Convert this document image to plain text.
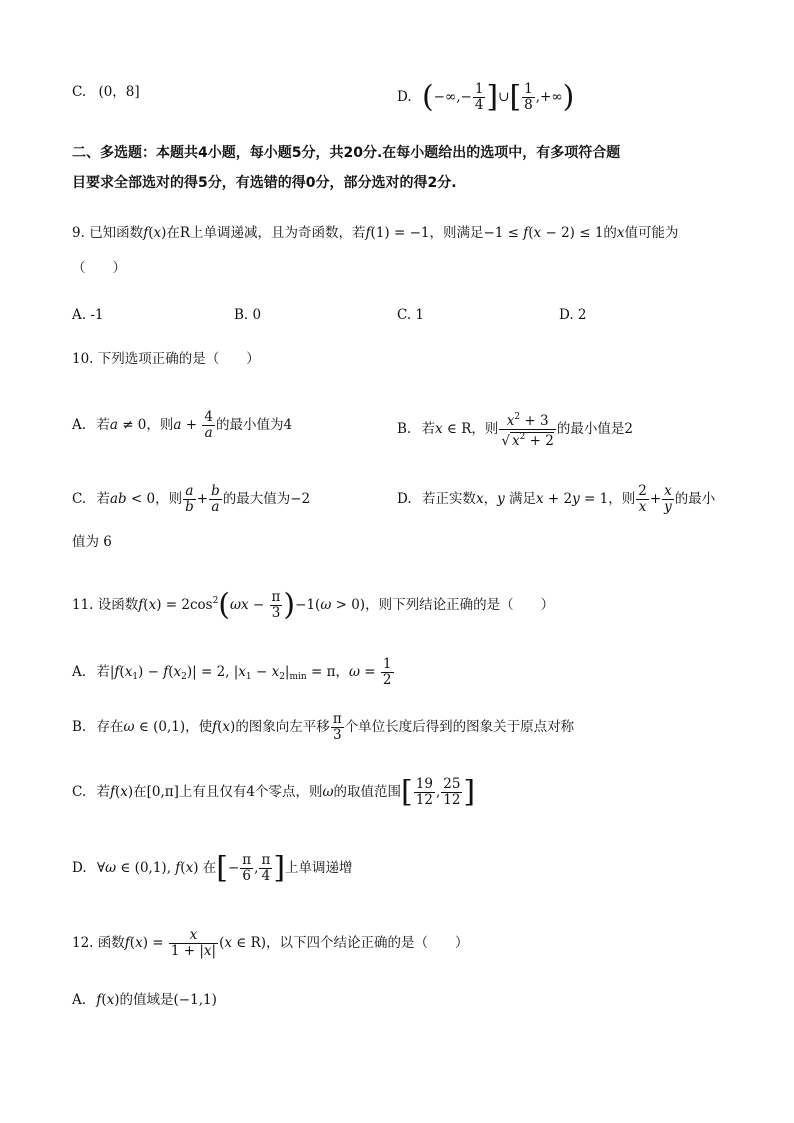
C. (0，8]	D. (−∞,− $\frac{1}{4}$ ]∪[ $\frac{1}{8}$ ,+∞)
二、多选题：本题共4小题，每小题5分，共20分.在每小题给出的选项中，有多项符合题
目要求全部选对的得5分，有选错的得0分，部分选对的得2分.
9. 已知函数f(x)在R上单调递减，且为奇函数，若f(1) = −1，则满足−1 ≤ f(x − 2) ≤ 1的x值可能为
（　　）
A. -1	B. 0	C. 1	D. 2
10. 下列选项正确的是（　　）
A. 若a ≠ 0，则$a + \frac{4}{a}$ 的最小值为4	B. 若x ∈ R，则 $\frac{x^2 + 3}{√ x^2 + 2}$ 的最小值是2
C. 若ab < 0，则 $\frac{a}{b} + \frac{b}{a}$ 的最大值为−2	D. 若正实数x，y 满足x + 2y = 1，则 $\frac{2}{x} + \frac{x}{y}$ 的最小
值为 6
11. 设函数$f(x) = 2\cos^2(\omega x - \frac{\pi}{3} )-1(\omega > 0)$，则下列结论正确的是（　　）
A. 若$|f(x_1) - f(x_2)| = 2$, $|x_1 - x_2|_{min} = \pi$，$\omega = \frac{1}{2}$
B. 存在ω ∈ (0,1)，使f(x)的图象向左平移 $\frac{\pi}{3}$ 个单位长度后得到的图象关于原点对称
C. 若f(x)在[0,π]上有且仅有4个零点，则ω的取值范围[ $\frac{19}{12}$ , $\frac{25}{12}$ ]
D. ∀ω ∈ (0,1), f(x) 在[− $\frac{\pi}{6}$ , $\frac{\pi}{4}$ ]上单调递增
12. 函数$f(x) = \frac{x}{1 + |x|} (x$ ∈ R)，以下四个结论正确的是（　　）
A. f(x)的值域是(−1,1)
